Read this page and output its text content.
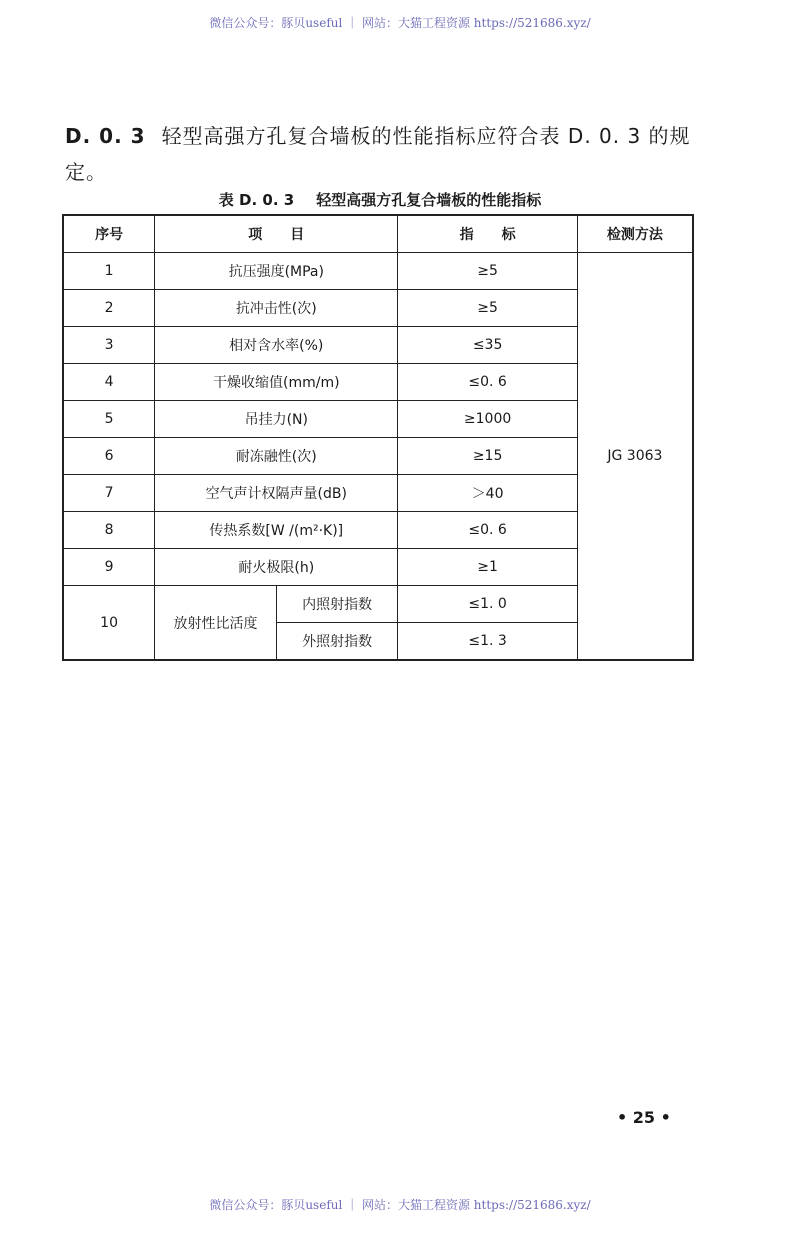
微信公众号：豚贝useful ｜ 网站：大猫工程资源 https://521686.xyz/
D. 0. 3 轻型高强方孔复合墙板的性能指标应符合表 D. 0. 3 的规定。
表 D. 0. 3 轻型高强方孔复合墙板的性能指标
序号	项　　目		指　　标	检测方法
1	抗压强度(MPa)		≥5	JG 3063
2	抗冲击性(次)		≥5	
3	相对含水率(%)		≤35	
4	干燥收缩值(mm/m)		≤0. 6	
5	吊挂力(N)		≥1000	
6	耐冻融性(次)		≥15	
7	空气声计权隔声量(dB)		＞40	
8	传热系数[W /(m²·K)]		≤0. 6	
9	耐火极限(h)		≥1	
10	放射性比活度	内照射指数	≤1. 0	
		外照射指数	≤1. 3	
• 25 •
微信公众号：豚贝useful ｜ 网站：大猫工程资源 https://521686.xyz/
